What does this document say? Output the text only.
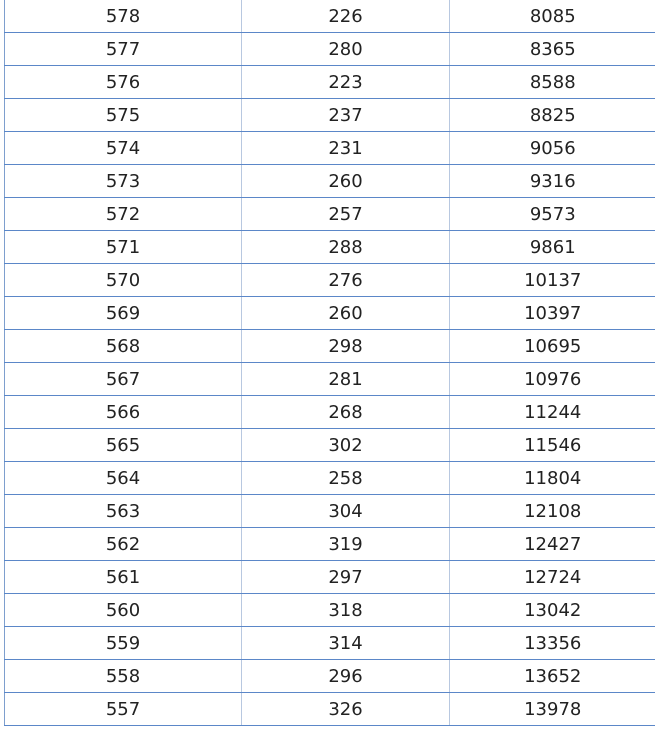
578	226	8085
577	280	8365
576	223	8588
575	237	8825
574	231	9056
573	260	9316
572	257	9573
571	288	9861
570	276	10137
569	260	10397
568	298	10695
567	281	10976
566	268	11244
565	302	11546
564	258	11804
563	304	12108
562	319	12427
561	297	12724
560	318	13042
559	314	13356
558	296	13652
557	326	13978
